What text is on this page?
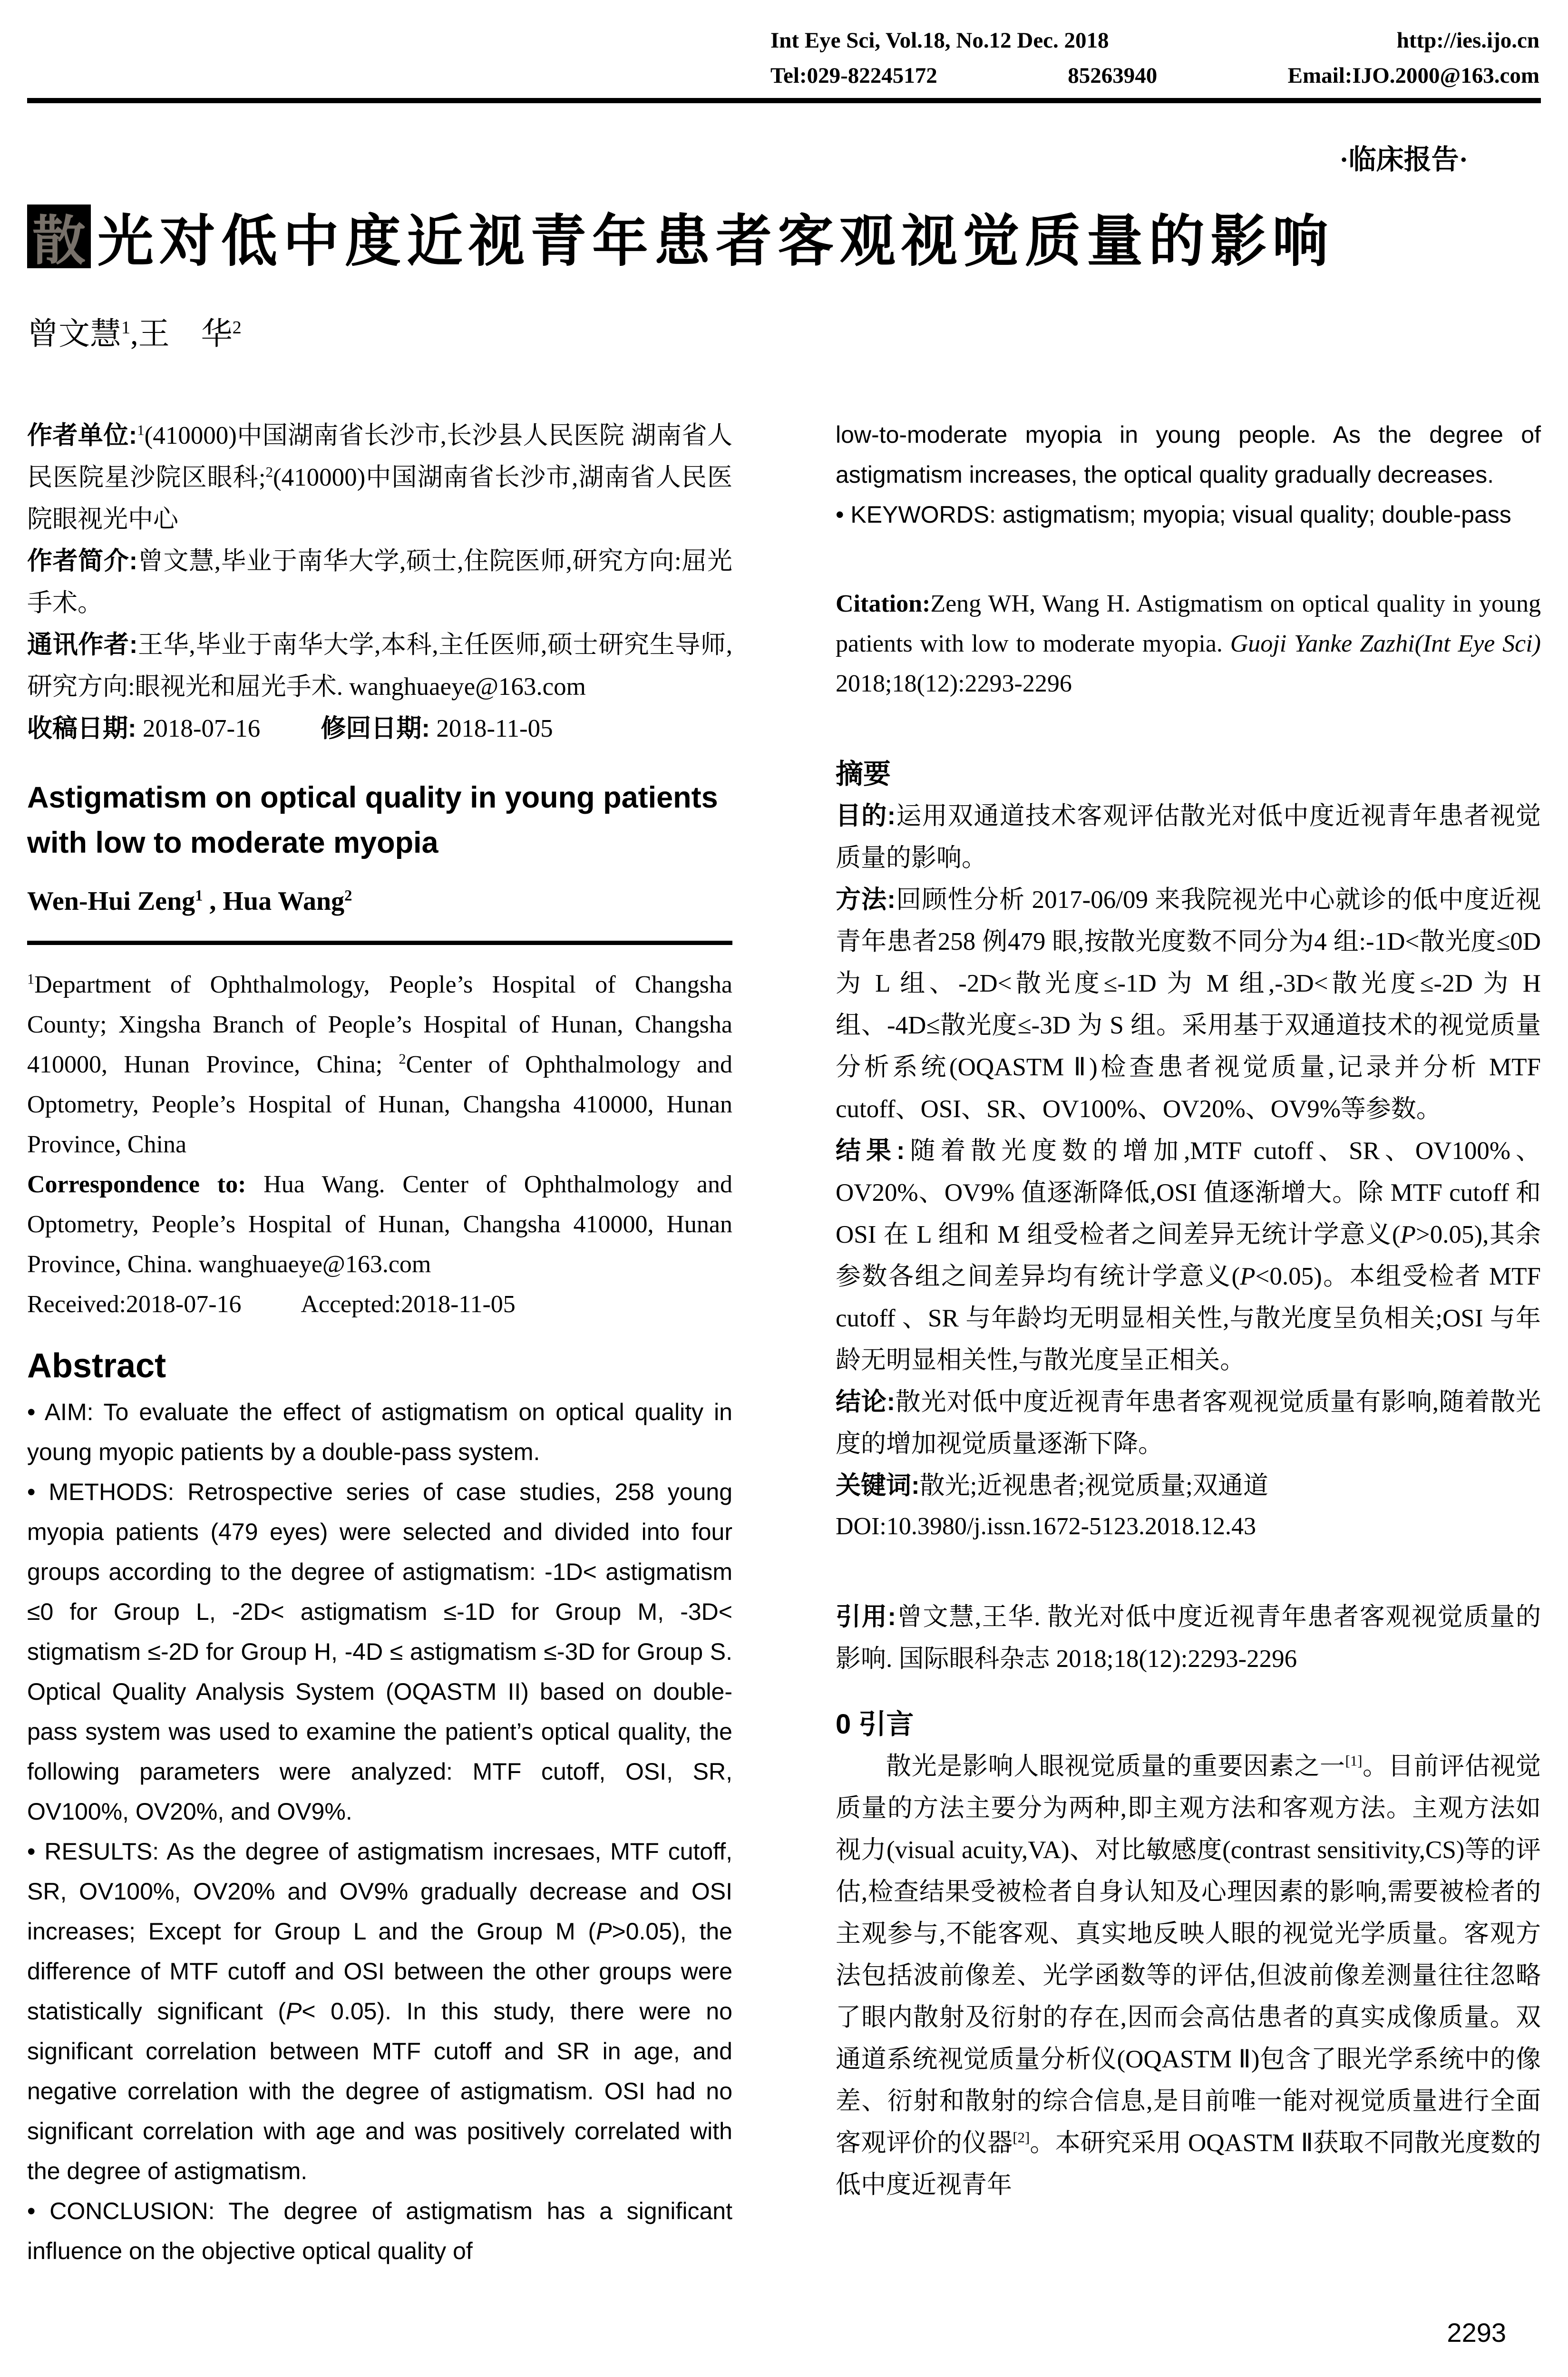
Int Eye Sci, Vol.18, No.12 Dec. 2018	http://ies.ijo.cn
Tel:029-82245172	85263940	Email:IJO.2000@163.com
·临床报告·
散 光对低中度近视青年患者客观视觉质量的影响

曾文慧$^1$,王　华$^2$

作者单位:$^1$(410000)中国湖南省长沙市,长沙县人民医院 湖南省人民医院星沙院区眼科;$^2$(410000)中国湖南省长沙市,湖南省人民医院眼视光中心

作者简介:曾文慧,毕业于南华大学,硕士,住院医师,研究方向:屈光手术。

通讯作者:王华,毕业于南华大学,本科,主任医师,硕士研究生导师,研究方向:眼视光和屈光手术. wanghuaeye@163.com

收稿日期: 2018-07-16 修回日期: 2018-11-05

Astigmatism on optical quality in young patients with low to moderate myopia

Wen-Hui Zeng$^1$ , Hua Wang$^2$

$^1$Department of Ophthalmology, People’s Hospital of Changsha County; Xingsha Branch of People’s Hospital of Hunan, Changsha 410000, Hunan Province, China; $^2$Center of Ophthalmology and Optometry, People’s Hospital of Hunan, Changsha 410000, Hunan Province, China

Correspondence to: Hua Wang. Center of Ophthalmology and Optometry, People’s Hospital of Hunan, Changsha 410000, Hunan Province, China. wanghuaeye@163.com

Received:2018-07-16 Accepted:2018-11-05

Abstract

• AIM: To evaluate the effect of astigmatism on optical quality in young myopic patients by a double-pass system.

• METHODS: Retrospective series of case studies, 258 young myopia patients (479 eyes) were selected and divided into four groups according to the degree of astigmatism: -1D< astigmatism ≤0 for Group L, -2D< astigmatism ≤-1D for Group M, -3D< stigmatism ≤-2D for Group H, -4D ≤ astigmatism ≤-3D for Group S. Optical Quality Analysis System (OQASTM II) based on double-pass system was used to examine the patient’s optical quality, the following parameters were analyzed: MTF cutoff, OSI, SR, OV100%, OV20%, and OV9%.

• RESULTS: As the degree of astigmatism incresaes, MTF cutoff, SR, OV100%, OV20% and OV9% gradually decrease and OSI increases; Except for Group L and the Group M (P>0.05), the difference of MTF cutoff and OSI between the other groups were statistically significant (P< 0.05). In this study, there were no significant correlation between MTF cutoff and SR in age, and negative correlation with the degree of astigmatism. OSI had no significant correlation with age and was positively correlated with the degree of astigmatism.

• CONCLUSION: The degree of astigmatism has a significant influence on the objective optical quality of

low-to-moderate myopia in young people. As the degree of astigmatism increases, the optical quality gradually decreases.

• KEYWORDS: astigmatism; myopia; visual quality; double-pass

Citation:Zeng WH, Wang H. Astigmatism on optical quality in young patients with low to moderate myopia. Guoji Yanke Zazhi(Int Eye Sci) 2018;18(12):2293-2296

摘要

目的:运用双通道技术客观评估散光对低中度近视青年患者视觉质量的影响。

方法:回顾性分析 2017-06/09 来我院视光中心就诊的低中度近视青年患者258 例479 眼,按散光度数不同分为4 组:-1D<散光度≤0D 为 L 组、-2D<散光度≤-1D 为 M 组,-3D<散光度≤-2D 为 H 组、-4D≤散光度≤-3D 为 S 组。采用基于双通道技术的视觉质量分析系统(OQASTM Ⅱ)检查患者视觉质量,记录并分析 MTF cutoff、OSI、SR、OV100%、OV20%、OV9%等参数。

结果:随着散光度数的增加,MTF cutoff、SR、OV100%、OV20%、OV9% 值逐渐降低,OSI 值逐渐增大。除 MTF cutoff 和 OSI 在 L 组和 M 组受检者之间差异无统计学意义(P>0.05),其余参数各组之间差异均有统计学意义(P<0.05)。本组受检者 MTF cutoff 、SR 与年龄均无明显相关性,与散光度呈负相关;OSI 与年龄无明显相关性,与散光度呈正相关。

结论:散光对低中度近视青年患者客观视觉质量有影响,随着散光度的增加视觉质量逐渐下降。

关键词:散光;近视患者;视觉质量;双通道

DOI:10.3980/j.issn.1672-5123.2018.12.43

引用:曾文慧,王华. 散光对低中度近视青年患者客观视觉质量的影响. 国际眼科杂志 2018;18(12):2293-2296

0 引言

散光是影响人眼视觉质量的重要因素之一[1]。目前评估视觉质量的方法主要分为两种,即主观方法和客观方法。主观方法如视力(visual acuity,VA)、对比敏感度(contrast sensitivity,CS)等的评估,检查结果受被检者自身认知及心理因素的影响,需要被检者的主观参与,不能客观、真实地反映人眼的视觉光学质量。客观方法包括波前像差、光学函数等的评估,但波前像差测量往往忽略了眼内散射及衍射的存在,因而会高估患者的真实成像质量。双通道系统视觉质量分析仪(OQASTM Ⅱ)包含了眼光学系统中的像差、衍射和散射的综合信息,是目前唯一能对视觉质量进行全面客观评价的仪器[2]。本研究采用 OQASTM Ⅱ获取不同散光度数的低中度近视青年

2293
